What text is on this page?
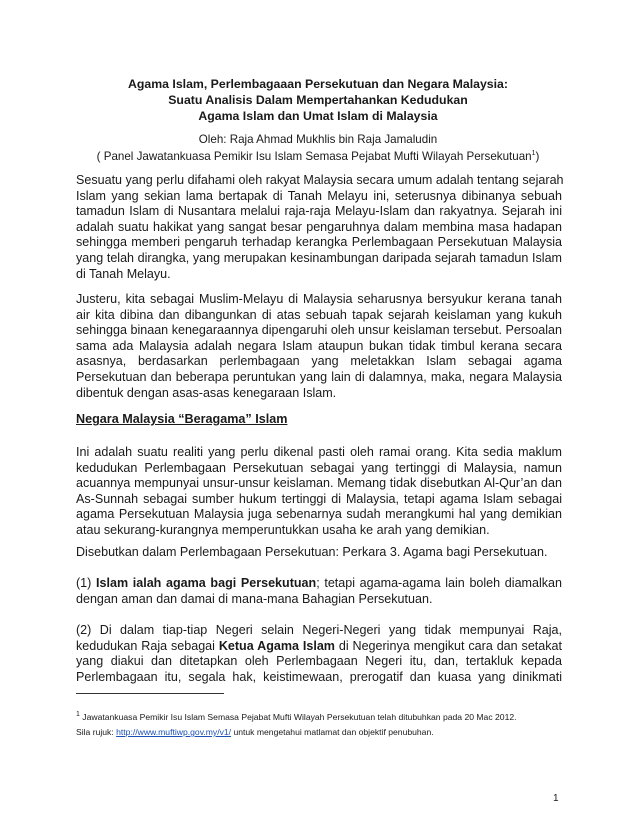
Agama Islam, Perlembagaaan Persekutuan dan Negara Malaysia:
Suatu Analisis Dalam Mempertahankan Kedudukan
Agama Islam dan Umat Islam di Malaysia
Oleh: Raja Ahmad Mukhlis bin Raja Jamaludin
( Panel Jawatankuasa Pemikir Isu Islam Semasa Pejabat Mufti Wilayah Persekutuan$^1$)
Sesuatu yang perlu difahami oleh rakyat Malaysia secara umum adalah tentang sejarah
Islam yang sekian lama bertapak di Tanah Melayu ini, seterusnya dibinanya sebuah
tamadun Islam di Nusantara melalui raja-raja Melayu-Islam dan rakyatnya. Sejarah ini
adalah suatu hakikat yang sangat besar pengaruhnya dalam membina masa hadapan
sehingga memberi pengaruh terhadap kerangka Perlembagaan Persekutuan Malaysia
yang telah dirangka, yang merupakan kesinambungan daripada sejarah tamadun Islam
di Tanah Melayu.
Justeru, kita sebagai Muslim-Melayu di Malaysia seharusnya bersyukur kerana tanah
air kita dibina dan dibangunkan di atas sebuah tapak sejarah keislaman yang kukuh
sehingga binaan kenegaraannya dipengaruhi oleh unsur keislaman tersebut. Persoalan
sama ada Malaysia adalah negara Islam ataupun bukan tidak timbul kerana secara
asasnya, berdasarkan perlembagaan yang meletakkan Islam sebagai agama
Persekutuan dan beberapa peruntukan yang lain di dalamnya, maka, negara Malaysia
dibentuk dengan asas-asas kenegaraan Islam.
Negara Malaysia “Beragama” Islam
Ini adalah suatu realiti yang perlu dikenal pasti oleh ramai orang. Kita sedia maklum
kedudukan Perlembagaan Persekutuan sebagai yang tertinggi di Malaysia, namun
acuannya mempunyai unsur-unsur keislaman. Memang tidak disebutkan Al-Qur’an dan
As-Sunnah sebagai sumber hukum tertinggi di Malaysia, tetapi agama Islam sebagai
agama Persekutuan Malaysia juga sebenarnya sudah merangkumi hal yang demikian
atau sekurang-kurangnya memperuntukkan usaha ke arah yang demikian.
Disebutkan dalam Perlembagaan Persekutuan: Perkara 3. Agama bagi Persekutuan.
(1) Islam ialah agama bagi Persekutuan; tetapi agama-agama lain boleh diamalkan
dengan aman dan damai di mana-mana Bahagian Persekutuan.
(2) Di dalam tiap-tiap Negeri selain Negeri-Negeri yang tidak mempunyai Raja,
kedudukan Raja sebagai Ketua Agama Islam di Negerinya mengikut cara dan setakat
yang diakui dan ditetapkan oleh Perlembagaan Negeri itu, dan, tertakluk kepada
Perlembagaan itu, segala hak, keistimewaan, prerogatif dan kuasa yang dinikmati
$^1$ Jawatankuasa Pemikir Isu Islam Semasa Pejabat Mufti Wilayah Persekutuan telah ditubuhkan pada 20 Mac 2012.
Sila rujuk: http://www.muftiwp.gov.my/v1/ untuk mengetahui matlamat dan objektif penubuhan.
1
